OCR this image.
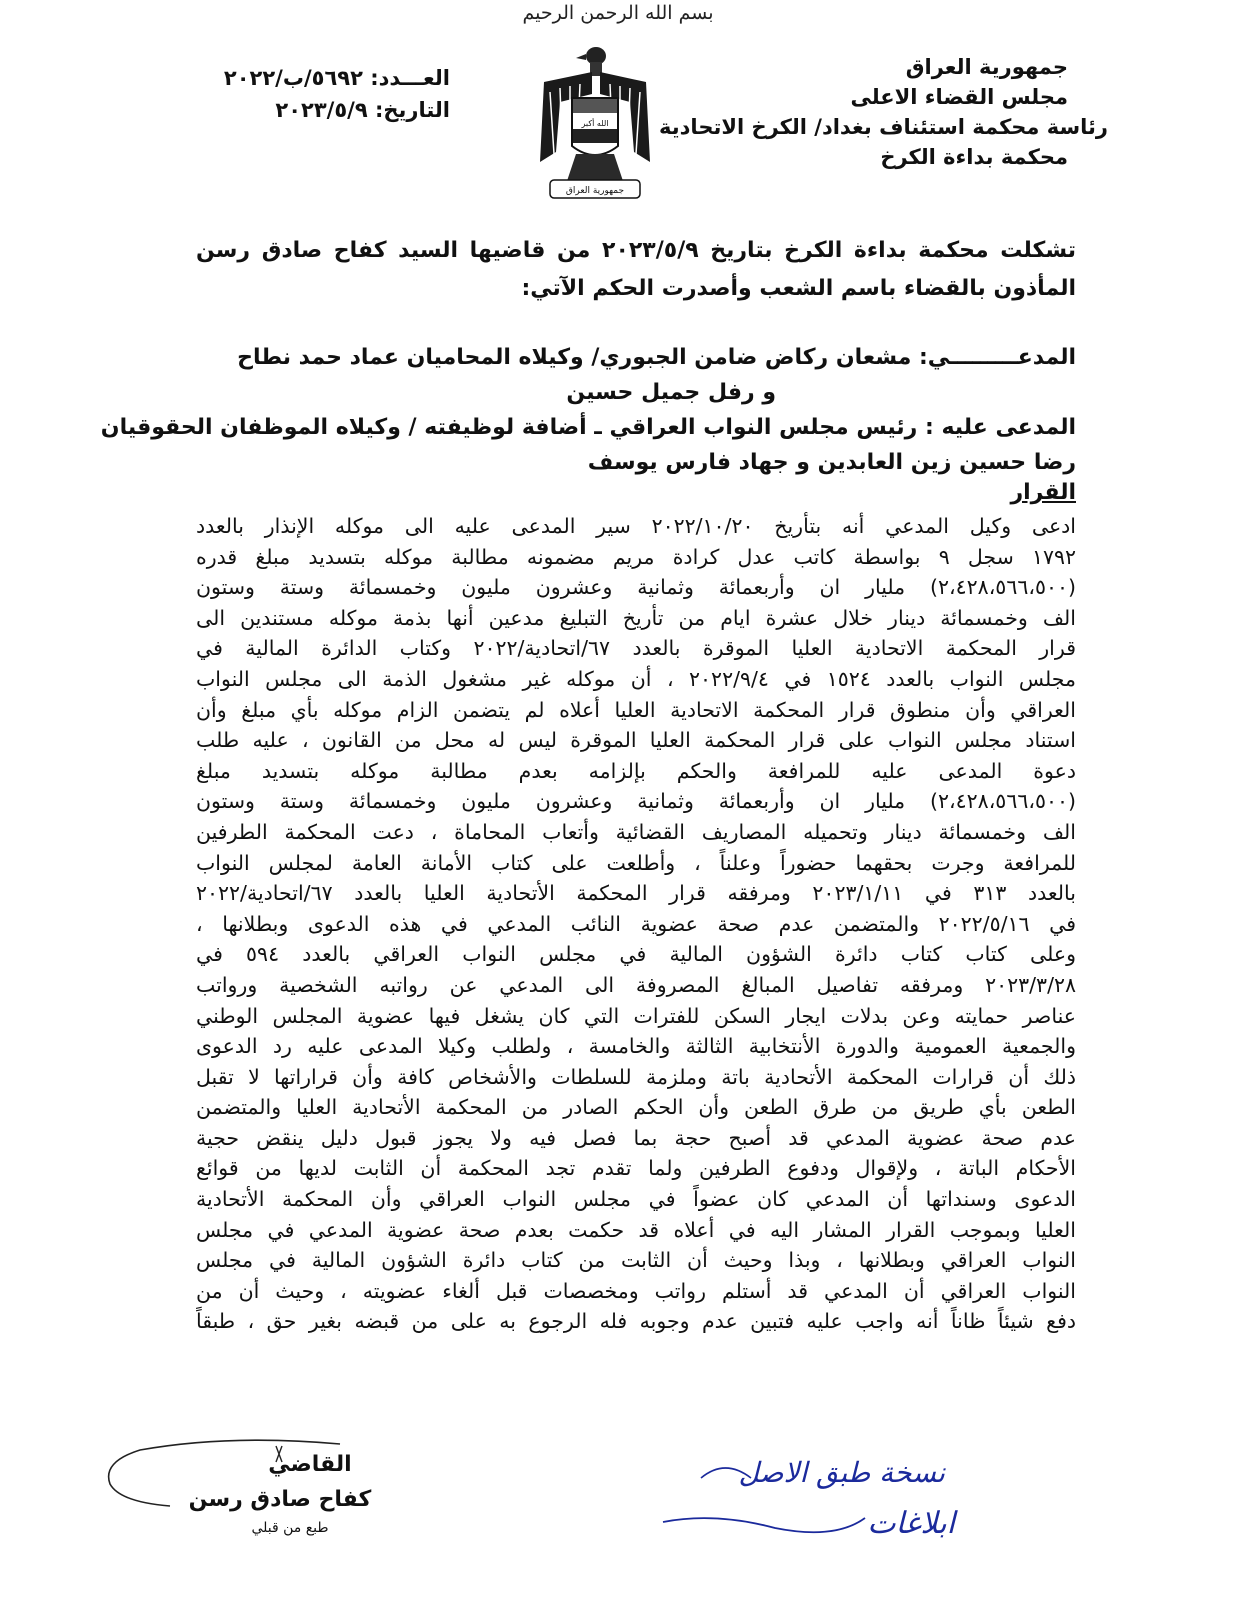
بسم الله الرحمن الرحيم
جمهورية العراق
مجلس القضاء الاعلى
رئاسة محكمة استئناف بغداد/ الكرخ الاتحادية
محكمة بداءة الكرخ
الله أكبر
جمهورية العراق
العـــدد: ٥٦٩٢/ب/٢٠٢٢
التاريخ: ٢٠٢٣/٥/٩
تشكلت محكمة بداءة الكرخ بتاريخ ٢٠٢٣/٥/٩ من قاضيها السيد كفاح صادق رسن المأذون بالقضاء باسم الشعب وأصدرت الحكم الآتي:
المدعـــــــــي: مشعان ركاض ضامن الجبوري/ وكيلاه المحاميان عماد حمد نطاح
و رفل جميل حسين
المدعى عليه : رئيس مجلس النواب العراقي ـ أضافة لوظيفته / وكيلاه الموظفان الحقوقيان
رضا حسين زين العابدين و جهاد فارس يوسف
القرار
ادعى وكيل المدعي أنه بتأريخ ٢٠٢٢/١٠/٢٠ سير المدعى عليه الى موكله الإنذار بالعدد
١٧٩٢ سجل ٩ بواسطة كاتب عدل كرادة مريم مضمونه مطالبة موكله بتسديد مبلغ قدره
(٢،٤٢٨،٥٦٦،٥٠٠) مليار ان وأربعمائة وثمانية وعشرون مليون وخمسمائة وستة وستون
الف وخمسمائة دينار خلال عشرة ايام من تأريخ التبليغ مدعين أنها بذمة موكله مستندين الى
قرار المحكمة الاتحادية العليا الموقرة بالعدد ٦٧/اتحادية/٢٠٢٢ وكتاب الدائرة المالية في
مجلس النواب بالعدد ١٥٢٤ في ٢٠٢٢/٩/٤ ، أن موكله غير مشغول الذمة الى مجلس النواب
العراقي وأن منطوق قرار المحكمة الاتحادية العليا أعلاه لم يتضمن الزام موكله بأي مبلغ وأن
استناد مجلس النواب على قرار المحكمة العليا الموقرة ليس له محل من القانون ، عليه طلب
دعوة المدعى عليه للمرافعة والحكم بإلزامه بعدم مطالبة موكله بتسديد مبلغ
(٢،٤٢٨،٥٦٦،٥٠٠) مليار ان وأربعمائة وثمانية وعشرون مليون وخمسمائة وستة وستون
الف وخمسمائة دينار وتحميله المصاريف القضائية وأتعاب المحاماة ، دعت المحكمة الطرفين
للمرافعة وجرت بحقهما حضوراً وعلناً ، وأطلعت على كتاب الأمانة العامة لمجلس النواب
بالعدد ٣١٣ في ٢٠٢٣/١/١١ ومرفقه قرار المحكمة الأتحادية العليا بالعدد ٦٧/اتحادية/٢٠٢٢
في ٢٠٢٢/٥/١٦ والمتضمن عدم صحة عضوية النائب المدعي في هذه الدعوى وبطلانها ،
وعلى كتاب كتاب دائرة الشؤون المالية في مجلس النواب العراقي بالعدد ٥٩٤ في
٢٠٢٣/٣/٢٨ ومرفقه تفاصيل المبالغ المصروفة الى المدعي عن رواتبه الشخصية ورواتب
عناصر حمايته وعن بدلات ايجار السكن للفترات التي كان يشغل فيها عضوية المجلس الوطني
والجمعية العمومية والدورة الأنتخابية الثالثة والخامسة ، ولطلب وكيلا المدعى عليه رد الدعوى
ذلك أن قرارات المحكمة الأتحادية باتة وملزمة للسلطات والأشخاص كافة وأن قراراتها لا تقبل
الطعن بأي طريق من طرق الطعن وأن الحكم الصادر من المحكمة الأتحادية العليا والمتضمن
عدم صحة عضوية المدعي قد أصبح حجة بما فصل فيه ولا يجوز قبول دليل ينقض حجية
الأحكام الباتة ، ولإقوال ودفوع الطرفين ولما تقدم تجد المحكمة أن الثابت لديها من قوائع
الدعوى وسنداتها أن المدعي كان عضواً في مجلس النواب العراقي وأن المحكمة الأتحادية
العليا وبموجب القرار المشار اليه في أعلاه قد حكمت بعدم صحة عضوية المدعي في مجلس
النواب العراقي وبطلانها ، وبذا وحيث أن الثابت من كتاب دائرة الشؤون المالية في مجلس
النواب العراقي أن المدعي قد أستلم رواتب ومخصصات قبل ألغاء عضويته ، وحيث أن من
دفع شيئاً ظاناً أنه واجب عليه فتبين عدم وجوبه فله الرجوع به على من قبضه بغير حق ، طبقاً
القاضي
كفاح صادق رسن
طبع من قبلي
نسخة طبق الاصل
ابلاغات
